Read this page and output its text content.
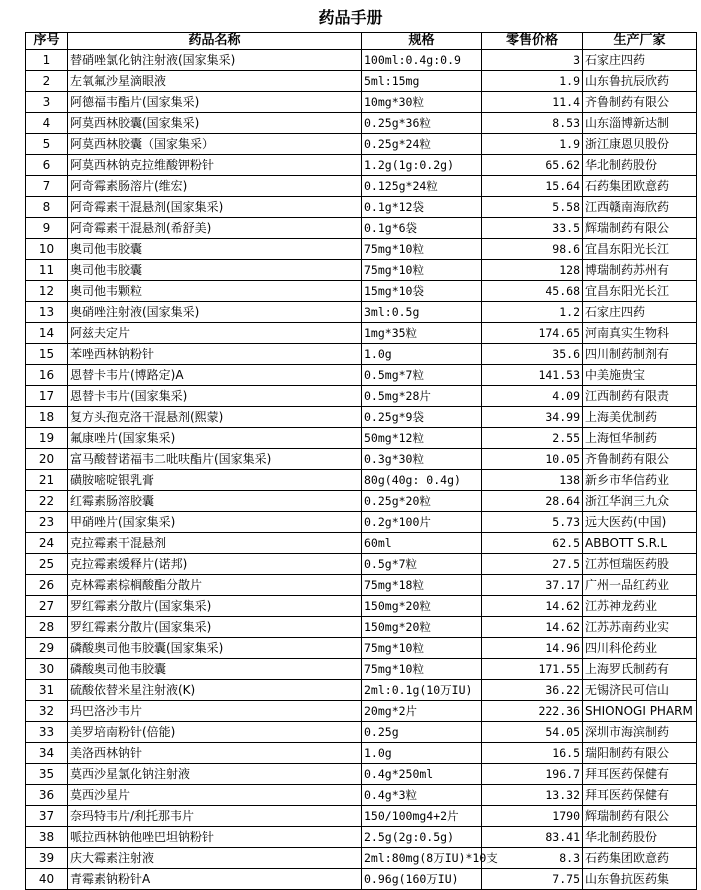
药品手册
序号	药品名称	规格	零售价格	生产厂家
1	替硝唑氯化钠注射液(国家集采)	100ml:0.4g:0.9	3	石家庄四药
2	左氧氟沙星滴眼液	5ml:15mg	1.9	山东鲁抗辰欣药
3	阿德福韦酯片(国家集采)	10mg*30粒	11.4	齐鲁制药有限公
4	阿莫西林胶囊(国家集采)	0.25g*36粒	8.53	山东淄博新达制
5	阿莫西林胶囊（国家集采）	0.25g*24粒	1.9	浙江康恩贝股份
6	阿莫西林钠克拉维酸钾粉针	1.2g(1g:0.2g)	65.62	华北制药股份
7	阿奇霉素肠溶片(维宏)	0.125g*24粒	15.64	石药集团欧意药
8	阿奇霉素干混悬剂(国家集采)	0.1g*12袋	5.58	江西赣南海欣药
9	阿奇霉素干混悬剂(希舒美)	0.1g*6袋	33.5	辉瑞制药有限公
10	奥司他韦胶囊	75mg*10粒	98.6	宜昌东阳光长江
11	奥司他韦胶囊	75mg*10粒	128	博瑞制药苏州有
12	奥司他韦颗粒	15mg*10袋	45.68	宜昌东阳光长江
13	奥硝唑注射液(国家集采)	3ml:0.5g	1.2	石家庄四药
14	阿兹夫定片	1mg*35粒	174.65	河南真实生物科
15	苯唑西林钠粉针	1.0g	35.6	四川制药制剂有
16	恩替卡韦片(博路定)A	0.5mg*7粒	141.53	中美施贵宝
17	恩替卡韦片(国家集采)	0.5mg*28片	4.09	江西制药有限责
18	复方头孢克洛干混悬剂(熙蒙)	0.25g*9袋	34.99	上海美优制药
19	氟康唑片(国家集采)	50mg*12粒	2.55	上海恒华制药
20	富马酸替诺福韦二吡呋酯片(国家集采)	0.3g*30粒	10.05	齐鲁制药有限公
21	磺胺嘧啶银乳膏	80g(40g: 0.4g)	138	新乡市华信药业
22	红霉素肠溶胶囊	0.25g*20粒	28.64	浙江华润三九众
23	甲硝唑片(国家集采)	0.2g*100片	5.73	远大医药(中国)
24	克拉霉素干混悬剂	60ml	62.5	ABBOTT S.R.L
25	克拉霉素缓释片(诺邦)	0.5g*7粒	27.5	江苏恒瑞医药股
26	克林霉素棕榈酸酯分散片	75mg*18粒	37.17	广州一品红药业
27	罗红霉素分散片(国家集采)	150mg*20粒	14.62	江苏神龙药业
28	罗红霉素分散片(国家集采)	150mg*20粒	14.62	江苏苏南药业实
29	磷酸奥司他韦胶囊(国家集采)	75mg*10粒	14.96	四川科伦药业
30	磷酸奥司他韦胶囊	75mg*10粒	171.55	上海罗氏制药有
31	硫酸依替米星注射液(K)	2ml:0.1g(10万IU)	36.22	无锡济民可信山
32	玛巴洛沙韦片	20mg*2片	222.36	SHIONOGI PHARM
33	美罗培南粉针(倍能)	0.25g	54.05	深圳市海滨制药
34	美洛西林钠针	1.0g	16.5	瑞阳制药有限公
35	莫西沙星氯化钠注射液	0.4g*250ml	196.7	拜耳医药保健有
36	莫西沙星片	0.4g*3粒	13.32	拜耳医药保健有
37	奈玛特韦片/利托那韦片	150/100mg4+2片	1790	辉瑞制药有限公
38	哌拉西林钠他唑巴坦钠粉针	2.5g(2g:0.5g)	83.41	华北制药股份
39	庆大霉素注射液	2ml:80mg(8万IU)*10支	8.3	石药集团欧意药
40	青霉素钠粉针A	0.96g(160万IU)	7.75	山东鲁抗医药集
